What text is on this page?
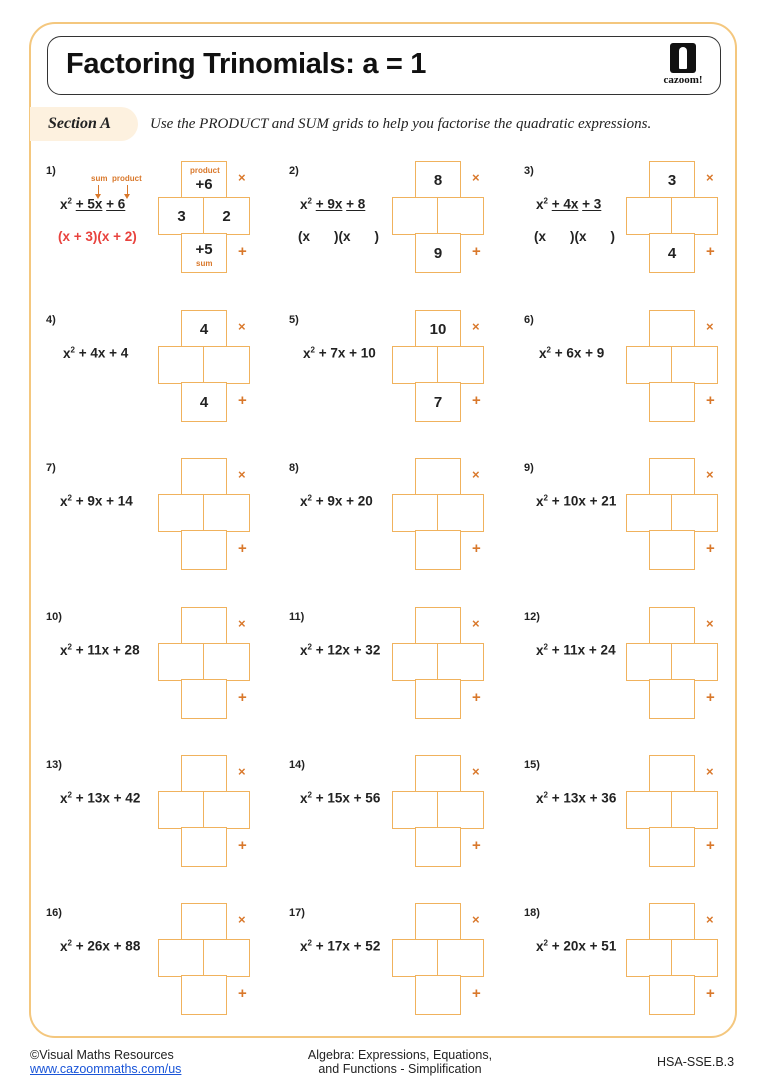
Factoring Trinomials: a = 1	cazoom!
Section A	Use the PRODUCT and SUM grids to help you factorise the quadratic expressions.
1)
$x^2 + 5x + 6$
+6
3 2
+5
×
+
product
sum
sum product
(x + 3)(x + 2)
2)
$x^2 + 9x + 8$
8
9
×
+
(x )(x )
3)
$x^2 + 4x + 3$
3
4
×
+
(x )(x )
4)
$x^2 + 4x + 4$
4
4
×
+
5)
$x^2 + 7x + 10$
10
7
×
+
6)
$x^2 + 6x + 9$
×
+
7)
$x^2 + 9x + 14$
×
+
8)
$x^2 + 9x + 20$
×
+
9)
$x^2 + 10x + 21$
×
+
10)
$x^2 + 11x + 28$
×
+
11)
$x^2 + 12x + 32$
×
+
12)
$x^2 + 11x + 24$
×
+
13)
$x^2 + 13x + 42$
×
+
14)
$x^2 + 15x + 56$
×
+
15)
$x^2 + 13x + 36$
×
+
16)
$x^2 + 26x + 88$
×
+
17)
$x^2 + 17x + 52$
×
+
18)
$x^2 + 20x + 51$
×
+
©Visual Maths Resources
www.cazoommaths.com/us
Algebra: Expressions, Equations,
and Functions - Simplification	HSA-SSE.B.3
